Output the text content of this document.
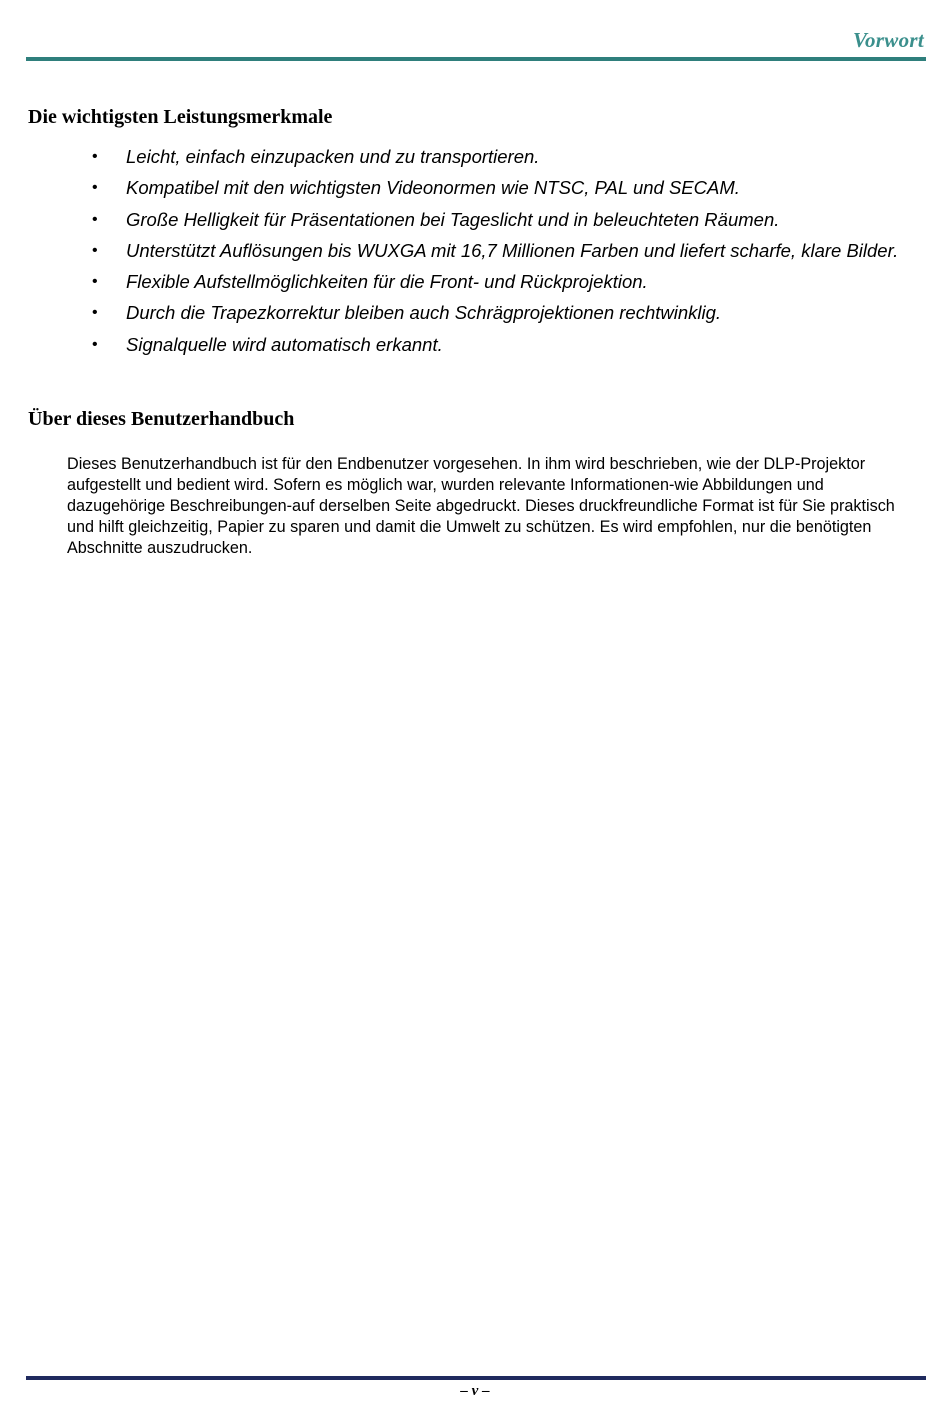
Vorwort
Die wichtigsten Leistungsmerkmale
• Leicht, einfach einzupacken und zu transportieren.
• Kompatibel mit den wichtigsten Videonormen wie NTSC, PAL und SECAM.
• Große Helligkeit für Präsentationen bei Tageslicht und in beleuchteten Räumen.
• Unterstützt Auflösungen bis WUXGA mit 16,7 Millionen Farben und liefert scharfe, klare Bilder.
• Flexible Aufstellmöglichkeiten für die Front- und Rückprojektion.
• Durch die Trapezkorrektur bleiben auch Schrägprojektionen rechtwinklig.
• Signalquelle wird automatisch erkannt.
Über dieses Benutzerhandbuch

Dieses Benutzerhandbuch ist für den Endbenutzer vorgesehen. In ihm wird beschrieben, wie der DLP-Projektor aufgestellt und bedient wird. Sofern es möglich war, wurden relevante Informationen-wie Abbildungen und dazugehörige Beschreibungen-auf derselben Seite abgedruckt. Dieses druckfreundliche Format ist für Sie praktisch und hilft gleichzeitig, Papier zu sparen und damit die Umwelt zu schützen. Es wird empfohlen, nur die benötigten Abschnitte auszudrucken.

– v –
